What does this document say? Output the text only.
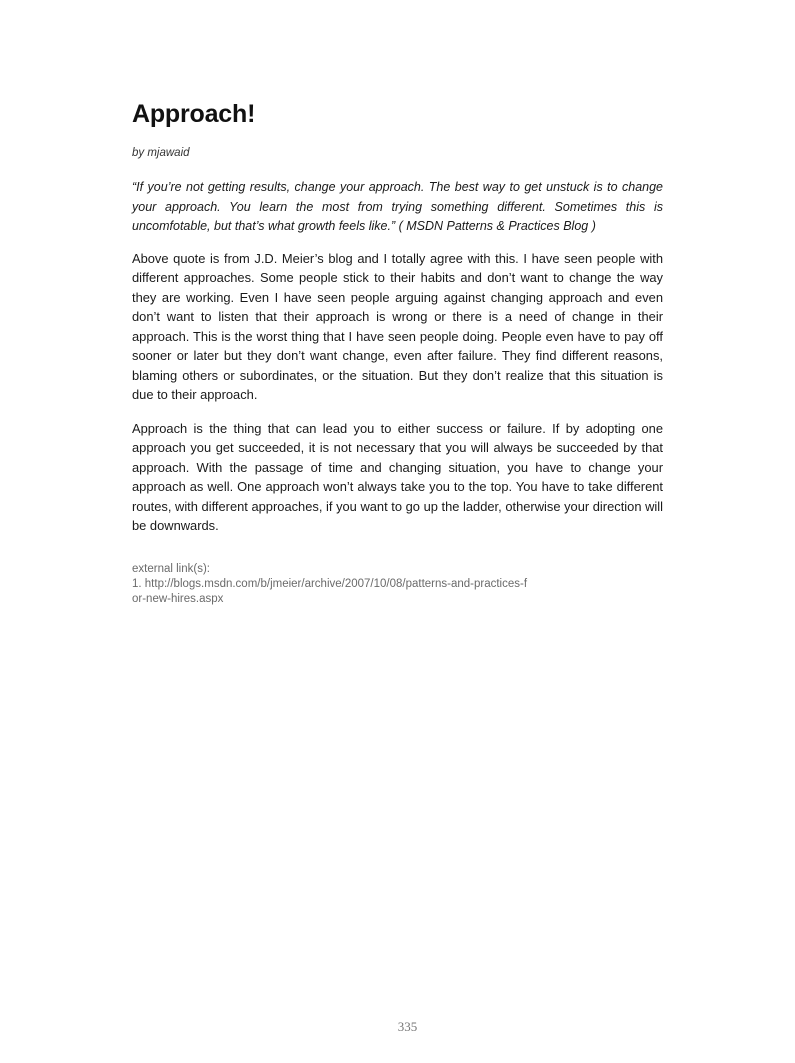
Approach!
by mjawaid
“If you’re not getting results, change your approach. The best way to get unstuck is to change your approach. You learn the most from trying something different. Sometimes this is uncomfotable, but that’s what growth feels like.” ( MSDN Patterns & Practices Blog )

Above quote is from J.D. Meier’s blog and I totally agree with this. I have seen people with different approaches. Some people stick to their habits and don’t want to change the way they are working. Even I have seen people arguing against changing approach and even don’t want to listen that their approach is wrong or there is a need of change in their approach. This is the worst thing that I have seen people doing. People even have to pay off sooner or later but they don’t want change, even after failure. They find different reasons, blaming others or subordinates, or the situation. But they don’t realize that this situation is due to their approach.

Approach is the thing that can lead you to either success or failure. If by adopting one approach you get succeeded, it is not necessary that you will always be succeeded by that approach. With the passage of time and changing situation, you have to change your approach as well. One approach won’t always take you to the top. You have to take different routes, with different approaches, if you want to go up the ladder, otherwise your direction will be downwards.

external link(s):
1. http://blogs.msdn.com/b/jmeier/archive/2007/10/08/patterns-and-practices-for-new-hires.aspx
335
